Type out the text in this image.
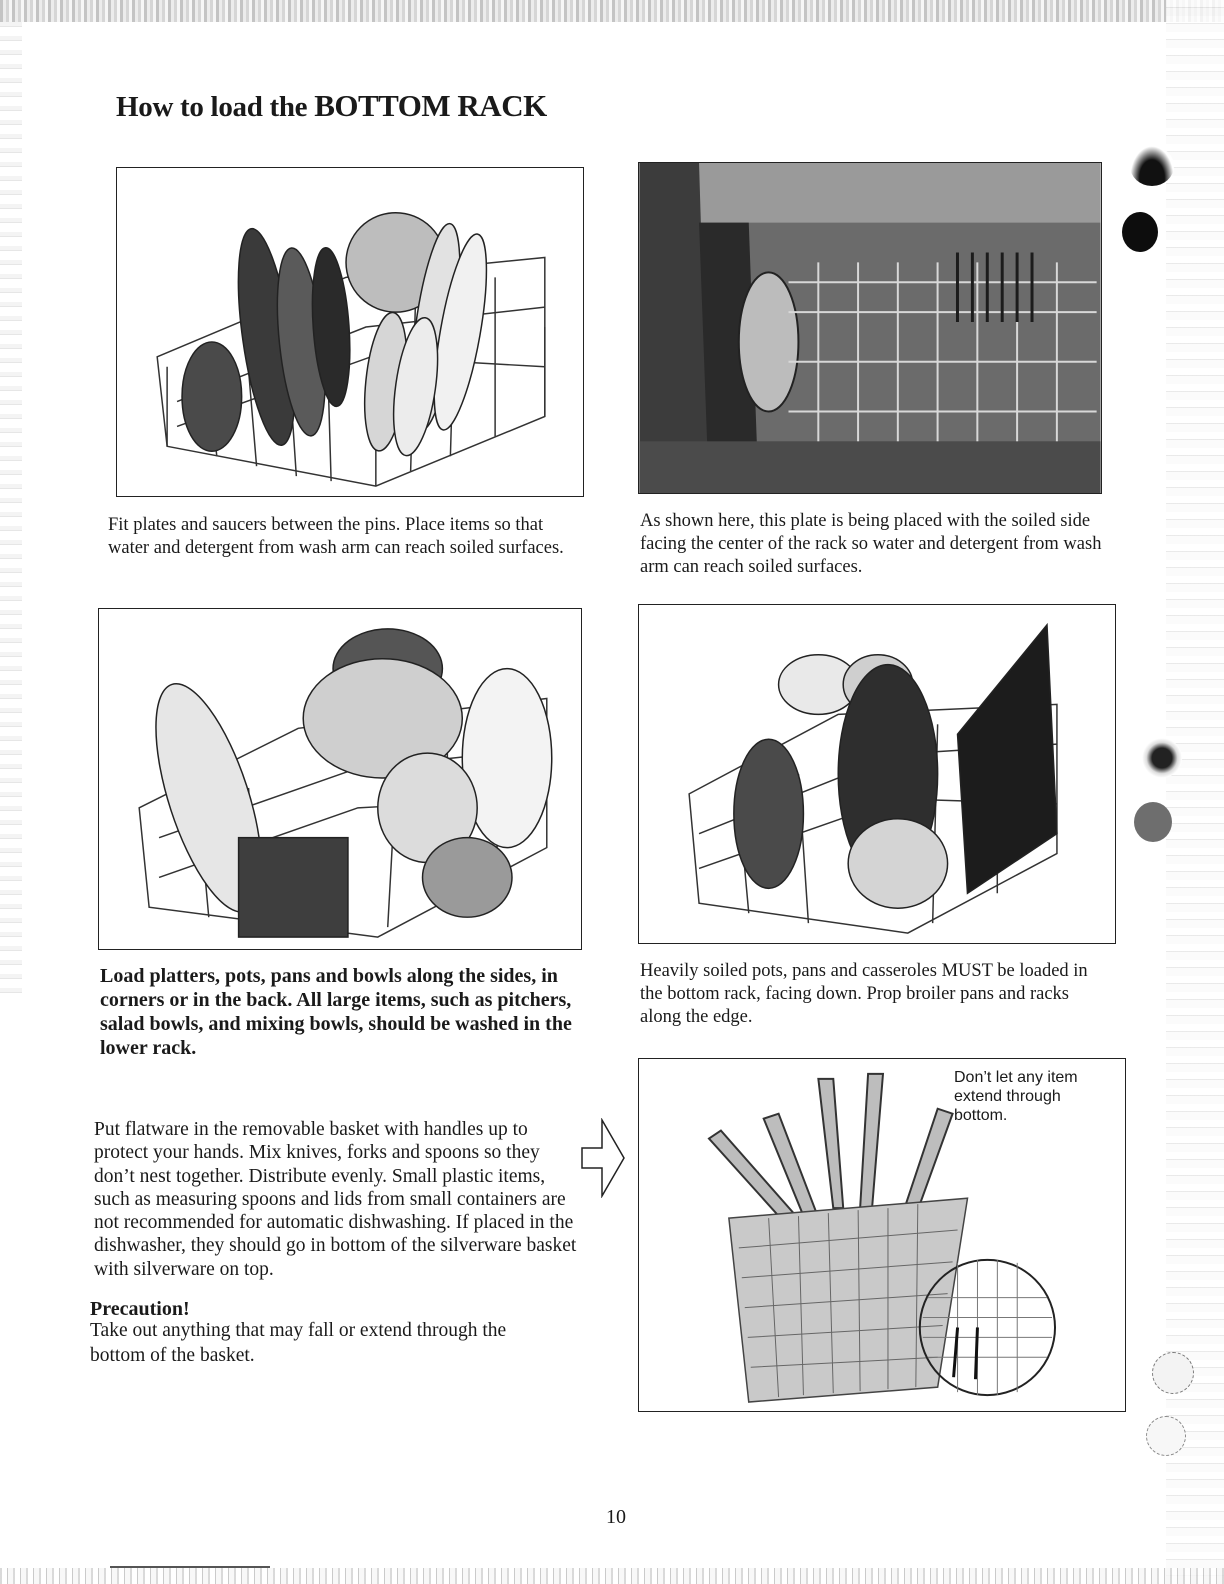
How to load the BOTTOM RACK

Fit plates and saucers between the pins. Place items so that water and detergent from wash arm can reach soiled surfaces.

As shown here, this plate is being placed with the soiled side facing the center of the rack so water and detergent from wash arm can reach soiled surfaces.

Load platters, pots, pans and bowls along the sides, in corners or in the back. All large items, such as pitchers, salad bowls, and mixing bowls, should be washed in the lower rack.

Heavily soiled pots, pans and casseroles MUST be loaded in the bottom rack, facing down. Prop broiler pans and racks along the edge.

Put flatware in the removable basket with handles up to protect your hands. Mix knives, forks and spoons so they don’t nest together. Distribute evenly. Small plastic items, such as measuring spoons and lids from small containers are not recommended for automatic dishwashing. If placed in the dishwasher, they should go in bottom of the silverware basket with silverware on top.

Precaution!

Take out anything that may fall or extend through the bottom of the basket.

Don’t let any item extend through bottom.

10
